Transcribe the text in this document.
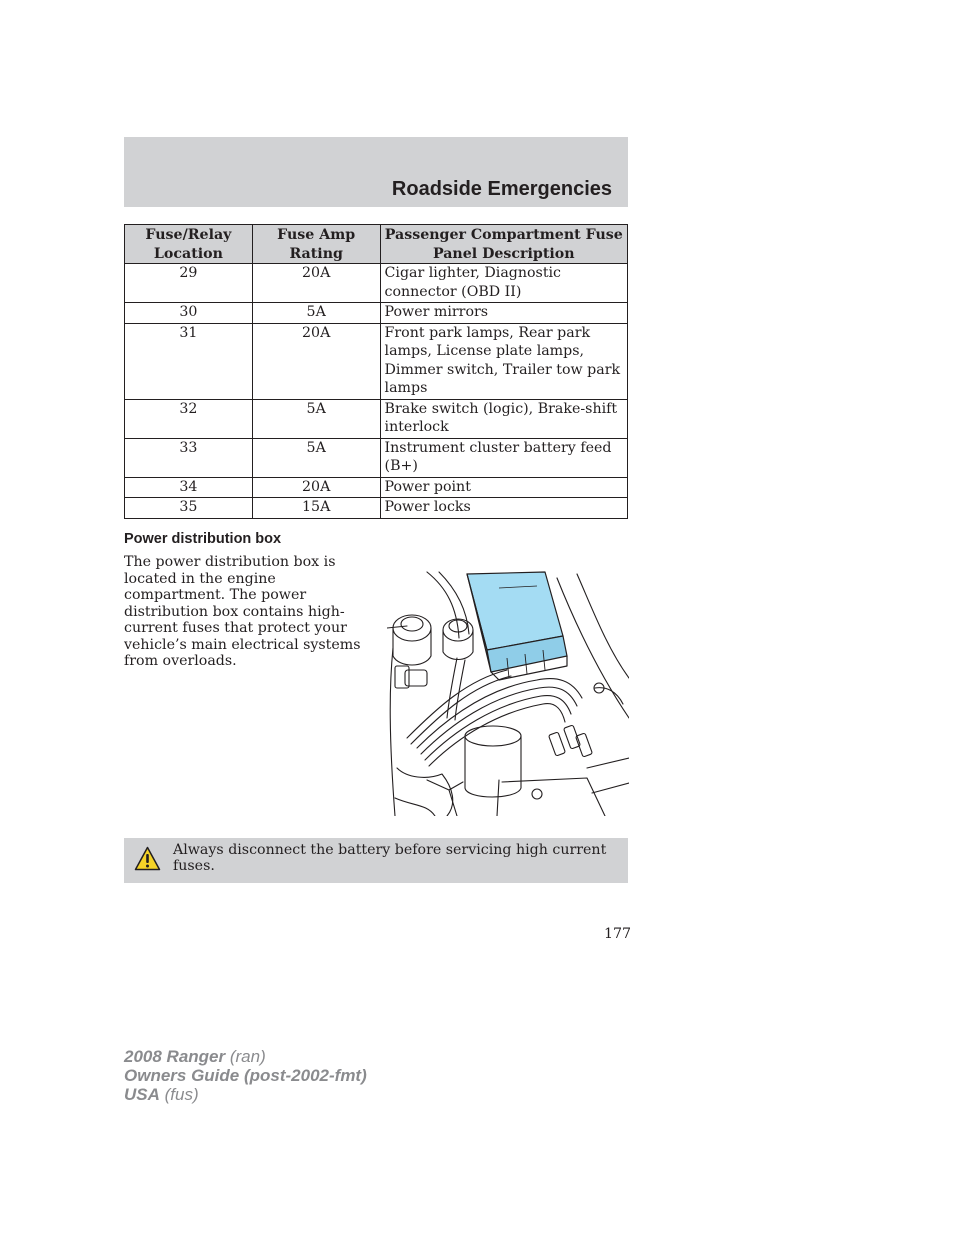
Roadside Emergencies
Fuse/Relay Location	Fuse Amp Rating	Passenger Compartment Fuse Panel Description
29	20A	Cigar lighter, Diagnostic connector (OBD II)
30	5A	Power mirrors
31	20A	Front park lamps, Rear park lamps, License plate lamps, Dimmer switch, Trailer tow park lamps
32	5A	Brake switch (logic), Brake-shift interlock
33	5A	Instrument cluster battery feed (B+)
34	20A	Power point
35	15A	Power locks
Power distribution box

The power distribution box is located in the engine compartment. The power distribution box contains high-current fuses that protect your vehicle’s main electrical systems from overloads.

Always disconnect the battery before servicing high current fuses.

177
2008 Ranger (ran)
Owners Guide (post-2002-fmt)
USA (fus)
